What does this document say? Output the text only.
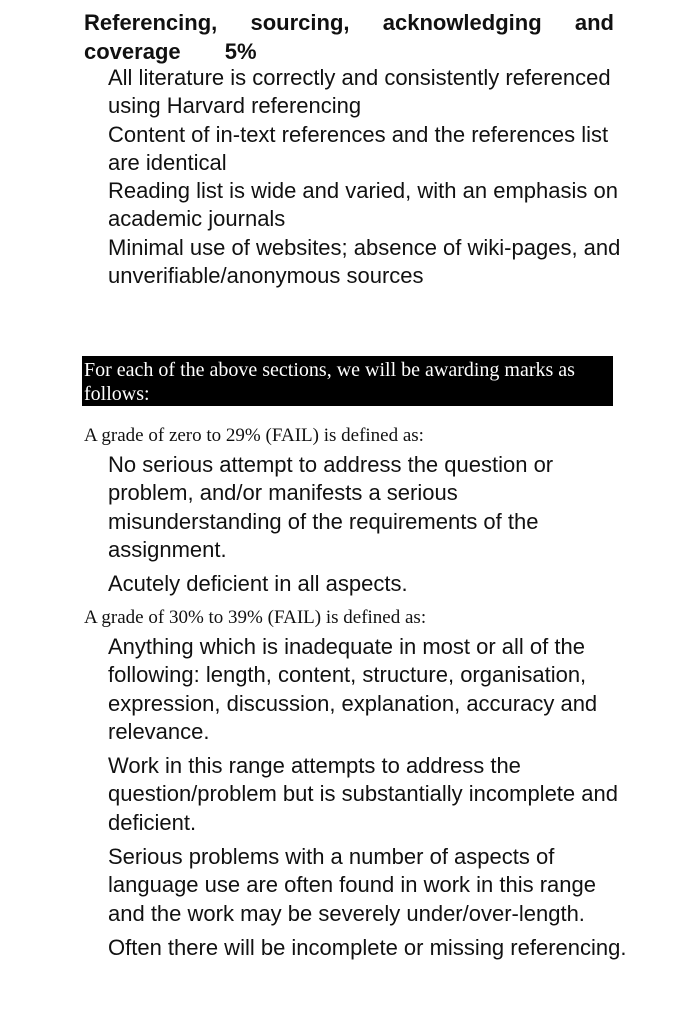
Referencing, sourcing, acknowledging and coverage 5%

All literature is correctly and consistently referenced using Harvard referencing

Content of in-text references and the references list are identical

Reading list is wide and varied, with an emphasis on academic journals

Minimal use of websites; absence of wiki-pages, and unverifiable/anonymous sources

For each of the above sections, we will be awarding marks as follows:
A grade of zero to 29% (FAIL) is defined as:

No serious attempt to address the question or problem, and/or manifests a serious misunderstanding of the requirements of the assignment.

Acutely deficient in all aspects.

A grade of 30% to 39% (FAIL) is defined as:

Anything which is inadequate in most or all of the following: length, content, structure, organisation, expression, discussion, explanation, accuracy and relevance.

Work in this range attempts to address the question/problem but is substantially incomplete and deficient.

Serious problems with a number of aspects of language use are often found in work in this range and the work may be severely under/over-length.

Often there will be incomplete or missing referencing.
